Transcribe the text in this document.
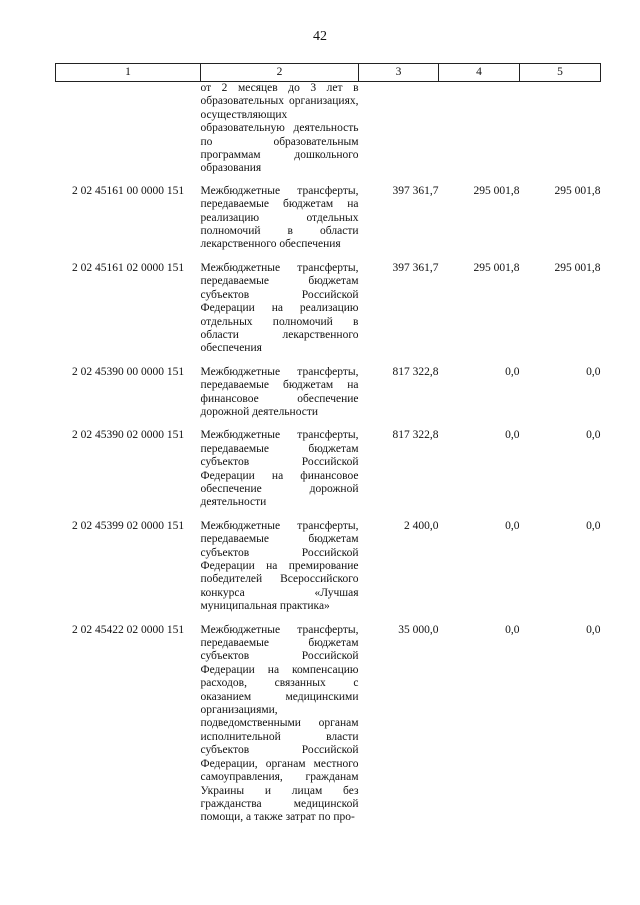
42
1	2	3	4	5
	от 2 месяцев до 3 лет в образовательных организациях, осуществляющих образовательную деятельность по образовательным программам дошкольного образования			
2 02 45161 00 0000 151	Межбюджетные трансферты, передаваемые бюджетам на реализацию отдельных полномочий в области лекарственного обеспечения	397 361,7	295 001,8	295 001,8
2 02 45161 02 0000 151	Межбюджетные трансферты, передаваемые бюджетам субъектов Российской Федерации на реализацию отдельных полномочий в области лекарственного обеспечения	397 361,7	295 001,8	295 001,8
2 02 45390 00 0000 151	Межбюджетные трансферты, передаваемые бюджетам на финансовое обеспечение дорожной деятельности	817 322,8	0,0	0,0
2 02 45390 02 0000 151	Межбюджетные трансферты, передаваемые бюджетам субъектов Российской Федерации на финансовое обеспечение дорожной деятельности	817 322,8	0,0	0,0
2 02 45399 02 0000 151	Межбюджетные трансферты, передаваемые бюджетам субъектов Российской Федерации на премирование победителей Всероссийского конкурса «Лучшая муниципальная практика»	2 400,0	0,0	0,0
2 02 45422 02 0000 151	Межбюджетные трансферты, передаваемые бюджетам субъектов Российской Федерации на компенсацию расходов, связанных с оказанием медицинскими организациями, подведомственными органам исполнительной власти субъектов Российской Федерации, органам местного самоуправления, гражданам Украины и лицам без гражданства медицинской помощи, а также затрат по про-	35 000,0	0,0	0,0
